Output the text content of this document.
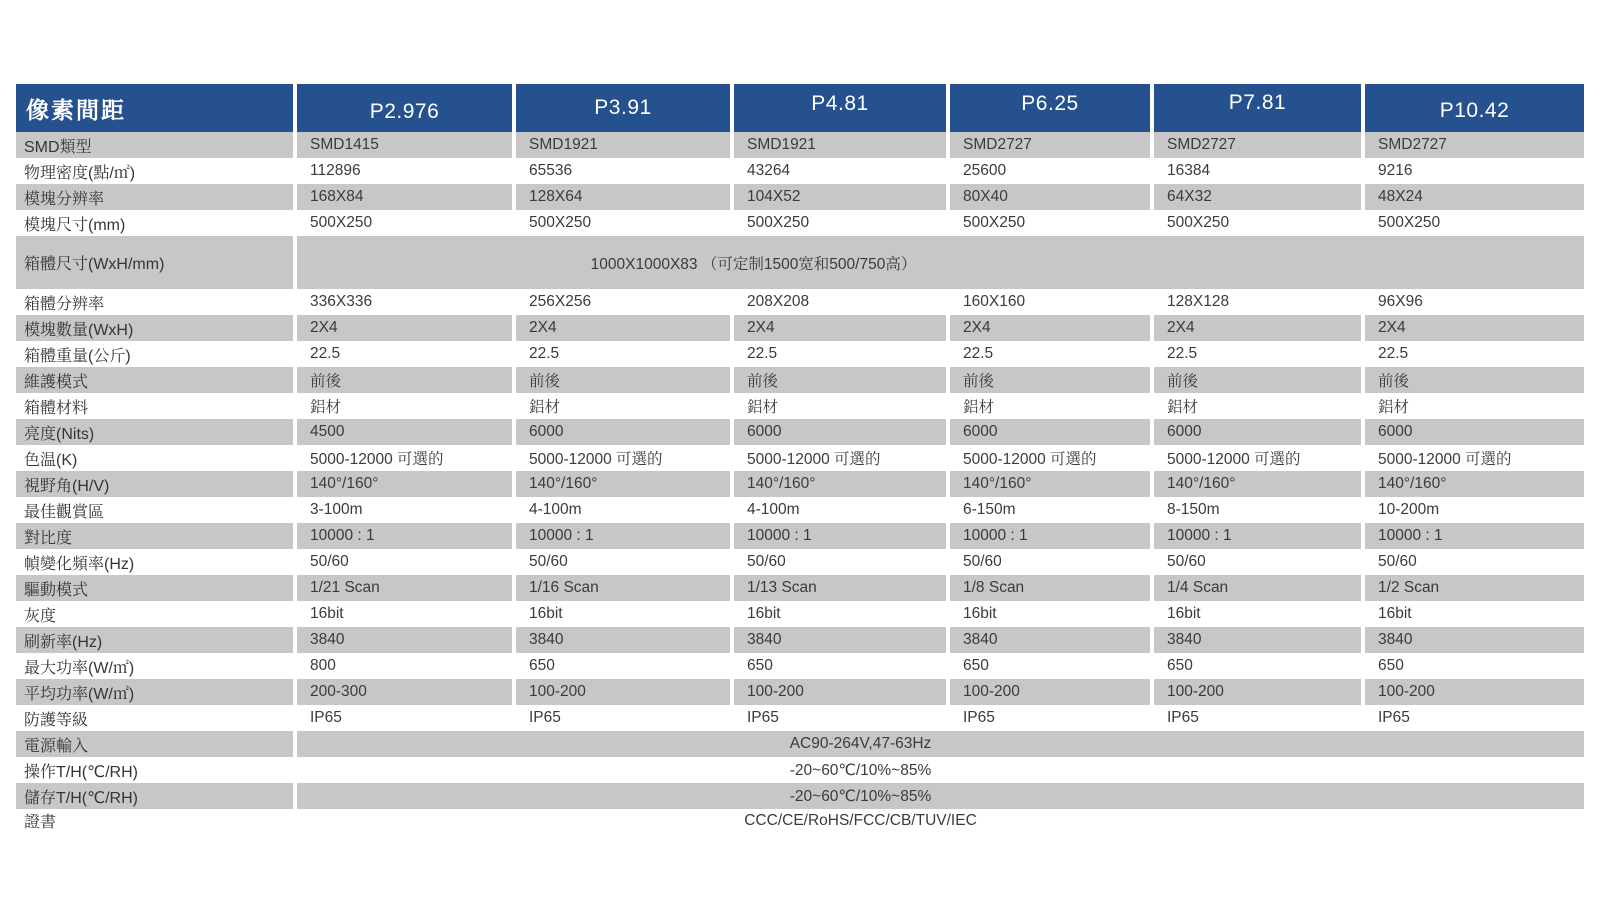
像素間距	P2.976	P3.91	P4.81	P6.25	P7.81	P10.42
SMD類型	SMD1415	SMD1921	SMD1921	SMD2727	SMD2727	SMD2727
物理密度(點/㎡)	112896	65536	43264	25600	16384	9216
模塊分辨率	168X84	128X64	104X52	80X40	64X32	48X24
模塊尺寸(mm)	500X250	500X250	500X250	500X250	500X250	500X250
箱體尺寸(WxH/mm)	1000X1000X83 （可定制1500宽和500/750高）
箱體分辨率	336X336	256X256	208X208	160X160	128X128	96X96
模塊數量(WxH)	2X4	2X4	2X4	2X4	2X4	2X4
箱體重量(公斤)	22.5	22.5	22.5	22.5	22.5	22.5
維護模式	前後	前後	前後	前後	前後	前後
箱體材料	鋁材	鋁材	鋁材	鋁材	鋁材	鋁材
亮度(Nits)	4500	6000	6000	6000	6000	6000
色温(K)	5000-12000 可選的	5000-12000 可選的	5000-12000 可選的	5000-12000 可選的	5000-12000 可選的	5000-12000 可選的
視野角(H/V)	140°/160°	140°/160°	140°/160°	140°/160°	140°/160°	140°/160°
最佳觀賞區	3-100m	4-100m	4-100m	6-150m	8-150m	10-200m
對比度	10000 : 1	10000 : 1	10000 : 1	10000 : 1	10000 : 1	10000 : 1
幀變化頻率(Hz)	50/60	50/60	50/60	50/60	50/60	50/60
驅動模式	1/21 Scan	1/16 Scan	1/13 Scan	1/8 Scan	1/4 Scan	1/2 Scan
灰度	16bit	16bit	16bit	16bit	16bit	16bit
刷新率(Hz)	3840	3840	3840	3840	3840	3840
最大功率(W/㎡)	800	650	650	650	650	650
平均功率(W/㎡)	200-300	100-200	100-200	100-200	100-200	100-200
防護等級	IP65	IP65	IP65	IP65	IP65	IP65
電源輸入	AC90-264V,47-63Hz
操作T/H(℃/RH)	-20~60℃/10%~85%
儲存T/H(℃/RH)	-20~60℃/10%~85%
證書	CCC/CE/RoHS/FCC/CB/TUV/IEC
